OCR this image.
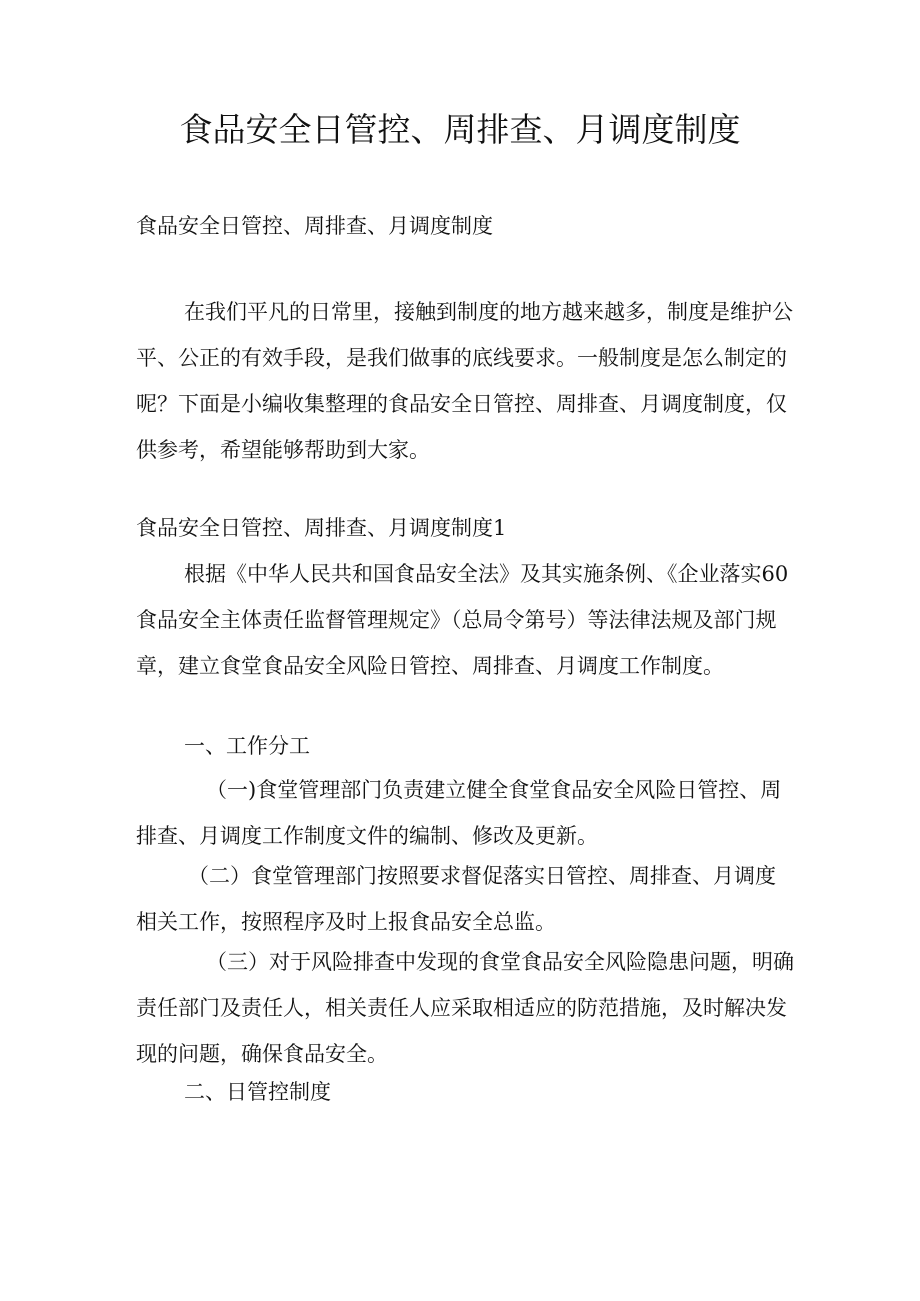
食品安全日管控、周排查、月调度制度

食品安全日管控、周排查、月调度制度

在我们平凡的日常里，接触到制度的地方越来越多，制度是维护公平、公正的有效手段，是我们做事的底线要求。一般制度是怎么制定的呢？下面是小编收集整理的食品安全日管控、周排查、月调度制度，仅供参考，希望能够帮助到大家。

食品安全日管控、周排查、月调度制度1

根据《中华人民共和国食品安全法》及其实施条例、《企业落实60食品安全主体责任监督管理规定》（总局令第号）等法律法规及部门规章，建立食堂食品安全风险日管控、周排查、月调度工作制度。

一、工作分工

（一)食堂管理部门负责建立健全食堂食品安全风险日管控、周排查、月调度工作制度文件的编制、修改及更新。

（二）食堂管理部门按照要求督促落实日管控、周排查、月调度相关工作，按照程序及时上报食品安全总监。

（三）对于风险排查中发现的食堂食品安全风险隐患问题，明确责任部门及责任人，相关责任人应采取相适应的防范措施，及时解决发现的问题，确保食品安全。

二、日管控制度
